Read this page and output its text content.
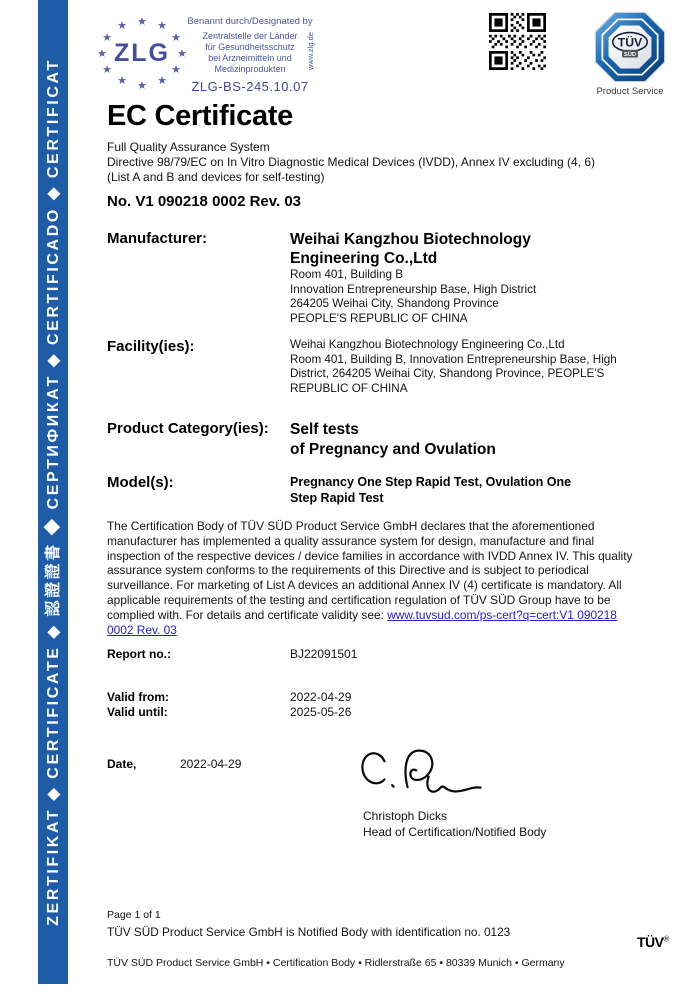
ZERTIFIKAT ◆ CERTIFICATE ◆ 認證證書 ◆ СЕРТИФИКАТ ◆ CERTIFICADO ◆ CERTIFICAT
★
★
★
★
★
★
★
★
★
★
★
★
ZLG
Benannt durch/Designated by
Zentralstelle der Länder
für Gesundheitsschutz
bei Arzneimitteln und
Medizinprodukten
ZLG-BS-245.10.07
www.zlg.de	TÜV
SÜD
Product Service
EC Certificate
Full Quality Assurance System
Directive 98/79/EC on In Vitro Diagnostic Medical Devices (IVDD), Annex IV excluding (4, 6)
(List A and B and devices for self-testing)
No. V1 090218 0002 Rev. 03
Manufacturer:	Weihai Kangzhou Biotechnology
Engineering Co.,Ltd
Room 401, Building B
Innovation Entrepreneurship Base, High District
264205 Weihai City, Shandong Province
PEOPLE'S REPUBLIC OF CHINA
Facility(ies):	Weihai Kangzhou Biotechnology Engineering Co.,Ltd
Room 401, Building B, Innovation Entrepreneurship Base, High
District, 264205 Weihai City, Shandong Province, PEOPLE'S
REPUBLIC OF CHINA
Product Category(ies):	Self tests
of Pregnancy and Ovulation
Model(s):	Pregnancy One Step Rapid Test, Ovulation One
Step Rapid Test
The Certification Body of TÜV SÜD Product Service GmbH declares that the aforementioned manufacturer has implemented a quality assurance system for design, manufacture and final inspection of the respective devices / device families in accordance with IVDD Annex IV. This quality assurance system conforms to the requirements of this Directive and is subject to periodical surveillance. For marketing of List A devices an additional Annex IV (4) certificate is mandatory. All applicable requirements of the testing and certification regulation of TÜV SÜD Group have to be complied with. For details and certificate validity see: www.tuvsud.com/ps-cert?q=cert:V1 090218 0002 Rev. 03
Report no.:	BJ22091501
Valid from:	2022-04-29
Valid until:	2025-05-26
Date,	2022-04-29
Christoph Dicks
Head of Certification/Notified Body
Page 1 of 1
TÜV SÜD Product Service GmbH is Notified Body with identification no. 0123
TÜV SÜD Product Service GmbH • Certification Body • Ridlerstraße 65 • 80339 Munich • Germany
TÜV®
